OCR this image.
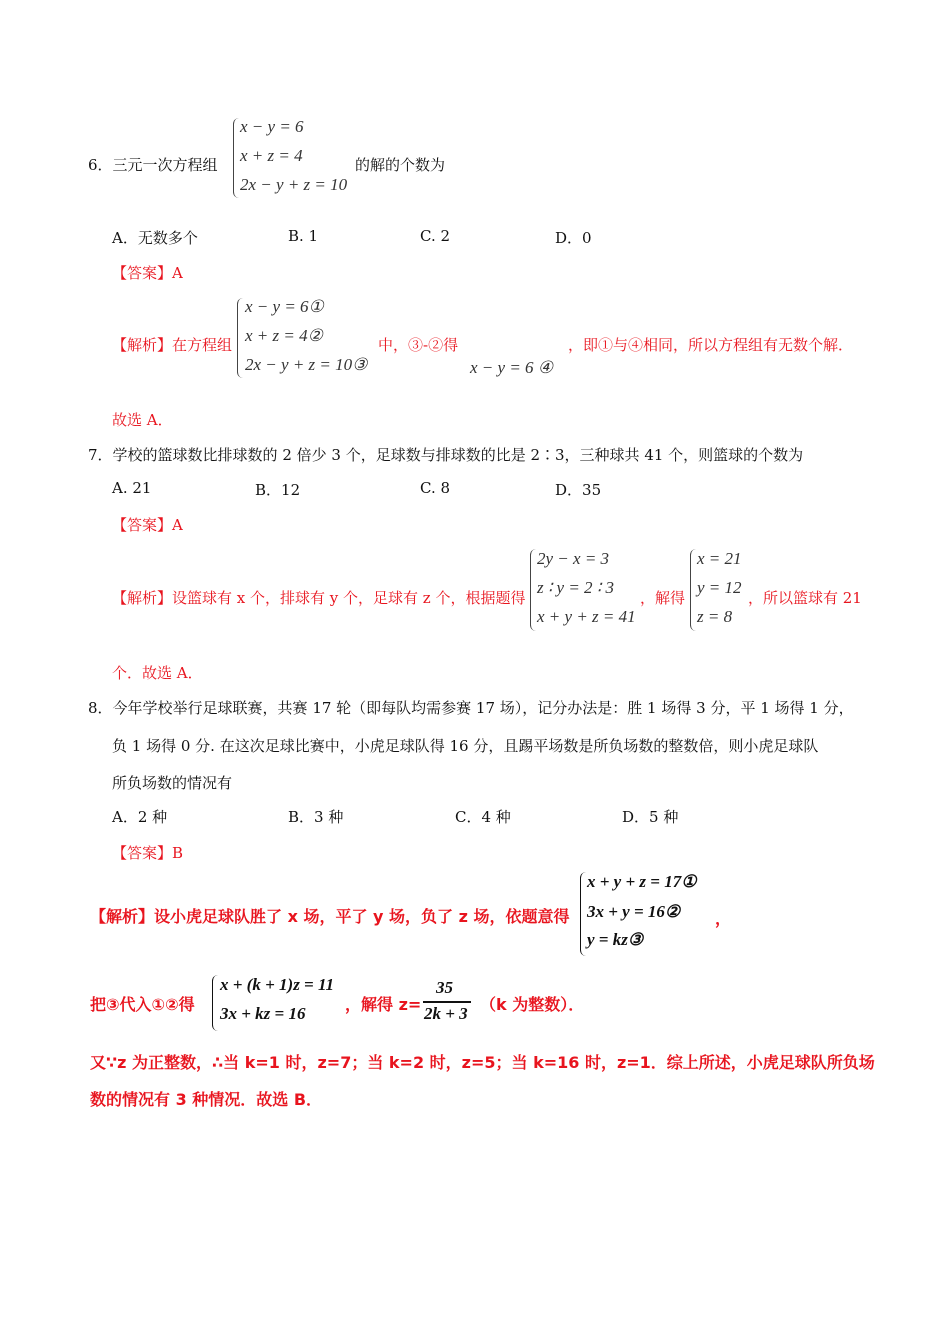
6．三元一次方程组
x − y = 6
x + z = 4
2x − y + z = 10
的解的个数为
A．无数多个	B. 1	C. 2	D．0
【答案】A
【解析】在方程组
x − y = 6①
x + z = 4②
2x − y + z = 10③
中，③-②得
x − y = 6 ④
，即①与④相同，所以方程组有无数个解．
故选 A．
7．学校的篮球数比排球数的 2 倍少 3 个，足球数与排球数的比是 2∶3，三种球共 41 个，则篮球的个数为
A. 21	B．12	C. 8	D．35
【答案】A
【解析】设篮球有 x 个，排球有 y 个，足球有 z 个，根据题得
2y − x = 3
z ∶ y = 2 ∶ 3
x + y + z = 41
，解得
x = 21
y = 12
z = 8
，所以篮球有 21
个．故选 A．
8．今年学校举行足球联赛，共赛 17 轮（即每队均需参赛 17 场），记分办法是：胜 1 场得 3 分，平 1 场得 1 分，
负 1 场得 0 分. 在这次足球比赛中，小虎足球队得 16 分，且踢平场数是所负场数的整数倍，则小虎足球队
所负场数的情况有
A．2 种	B．3 种	C．4 种	D．5 种
【答案】B
【解析】设小虎足球队胜了 x 场，平了 y 场，负了 z 场，依题意得
x + y + z = 17①
3x + y = 16②
y = kz③
，
把③代入①②得
x + (k + 1)z = 11
3x + kz = 16 ，解得 z=
35
2k + 3 （k 为整数）．
又∵z 为正整数，∴当 k=1 时，z=7；当 k=2 时，z=5；当 k=16 时，z=1．综上所述，小虎足球队所负场
数的情况有 3 种情况．故选 B．
